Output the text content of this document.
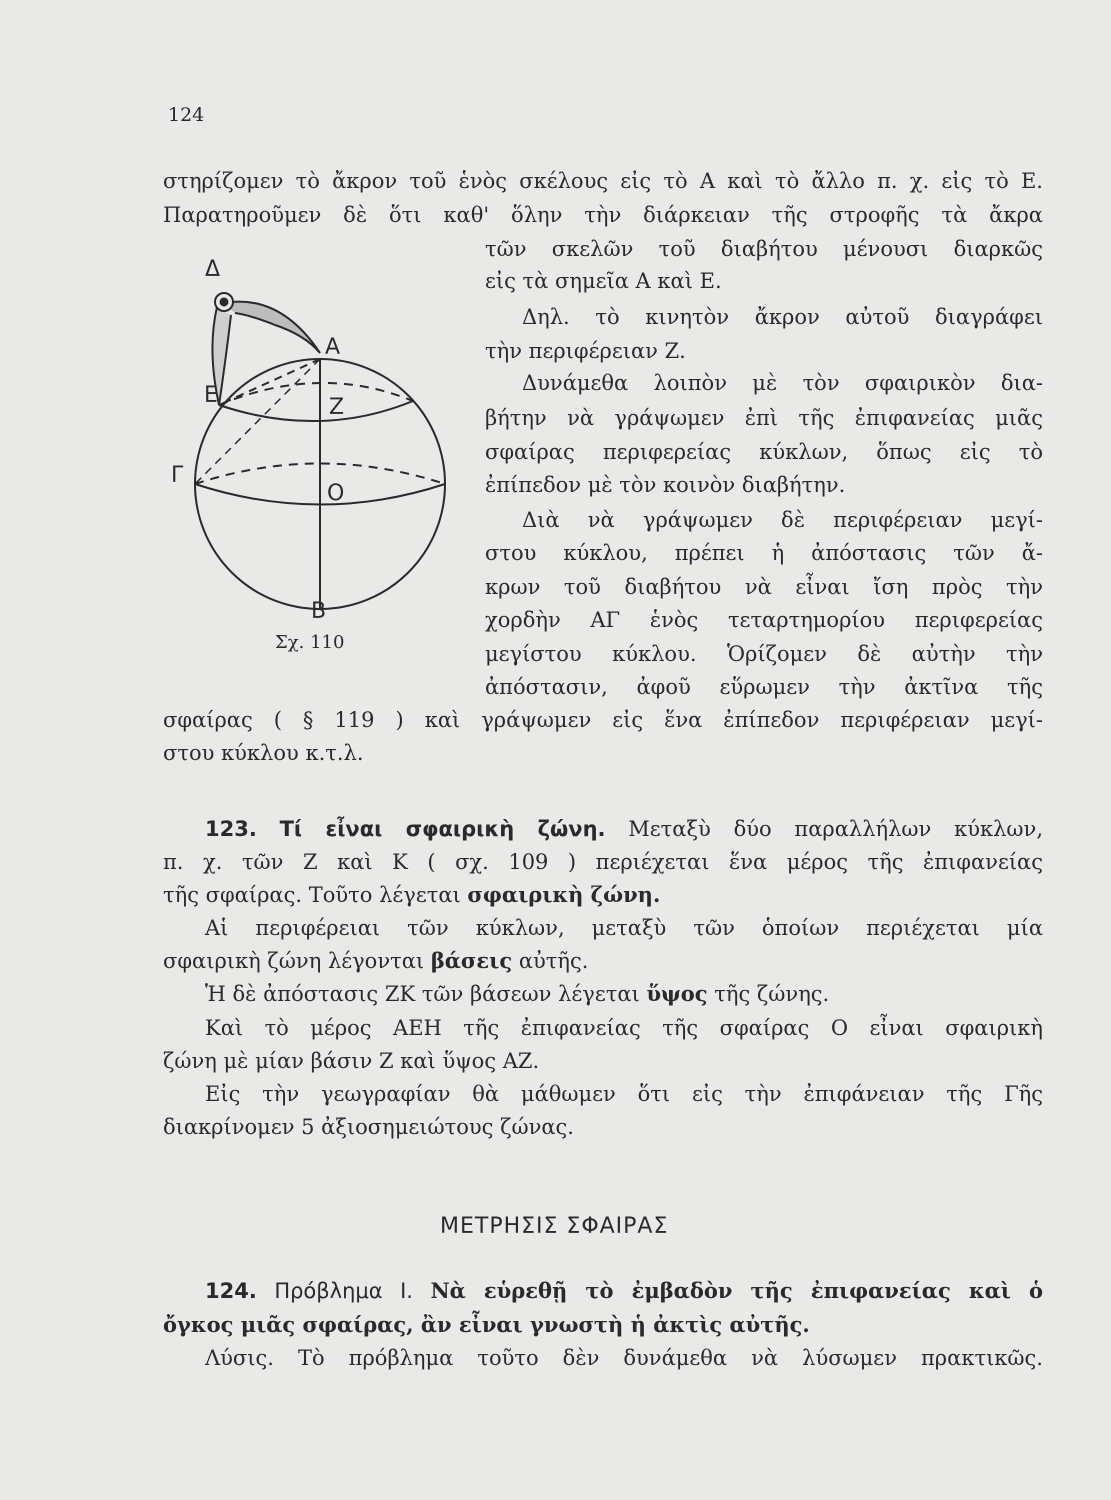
124
Δ
Α
Ε	Ζ
Γ
Ο
Β
Σχ. 110
στηρίζομεν τὸ ἄκρον τοῦ ἑνὸς σκέλους εἰς τὸ Α καὶ τὸ ἄλλο π. χ. εἰς τὸ Ε.
Παρατηροῦμεν δὲ ὅτι καθ' ὅλην τὴν διάρκειαν τῆς στροφῆς τὰ ἄκρα
τῶν σκελῶν τοῦ διαβήτου μένουσι διαρκῶς
εἰς τὰ σημεῖα Α καὶ Ε.
Δηλ. τὸ κινητὸν ἄκρον αὐτοῦ διαγράφει
τὴν περιφέρειαν Ζ.
Δυνάμεθα λοιπὸν μὲ τὸν σφαιρικὸν δια-
βήτην νὰ γράψωμεν ἐπὶ τῆς ἐπιφανείας μιᾶς
σφαίρας περιφερείας κύκλων, ὅπως εἰς τὸ
ἐπίπεδον μὲ τὸν κοινὸν διαβήτην.
Διὰ νὰ γράψωμεν δὲ περιφέρειαν μεγί-
στου κύκλου, πρέπει ἡ ἀπόστασις τῶν ἄ-
κρων τοῦ διαβήτου νὰ εἶναι ἴση πρὸς τὴν
χορδὴν ΑΓ ἑνὸς τεταρτημορίου περιφερείας
μεγίστου κύκλου. Ὁρίζομεν δὲ αὐτὴν τὴν
ἀπόστασιν, ἀφοῦ εὕρωμεν τὴν ἀκτῖνα τῆς
σφαίρας ( § 119 ) καὶ γράψωμεν εἰς ἕνα ἐπίπεδον περιφέρειαν μεγί-
στου κύκλου κ.τ.λ.
123. Τί εἶναι σφαιρικὴ ζώνη. Μεταξὺ δύο παραλλήλων κύκλων,
π. χ. τῶν Ζ καὶ Κ ( σχ. 109 ) περιέχεται ἕνα μέρος τῆς ἐπιφανείας
τῆς σφαίρας. Τοῦτο λέγεται σφαιρικὴ ζώνη.
Αἱ περιφέρειαι τῶν κύκλων, μεταξὺ τῶν ὁποίων περιέχεται μία
σφαιρικὴ ζώνη λέγονται βάσεις αὐτῆς.
Ἡ δὲ ἀπόστασις ΖΚ τῶν βάσεων λέγεται ὕψος τῆς ζώνης.
Καὶ τὸ μέρος ΑΕΗ τῆς ἐπιφανείας τῆς σφαίρας Ο εἶναι σφαιρικὴ
ζώνη μὲ μίαν βάσιν Ζ καὶ ὕψος ΑΖ.
Εἰς τὴν γεωγραφίαν θὰ μάθωμεν ὅτι εἰς τὴν ἐπιφάνειαν τῆς Γῆς
διακρίνομεν 5 ἀξιοσημειώτους ζώνας.
ΜΕΤΡΗΣΙΣ ΣΦΑΙΡΑΣ
124. Πρόβλημα Ι. Νὰ εὑρεθῇ τὸ ἐμβαδὸν τῆς ἐπιφανείας καὶ ὁ
ὄγκος μιᾶς σφαίρας, ἂν εἶναι γνωστὴ ἡ ἀκτὶς αὐτῆς.
Λύσις. Τὸ πρόβλημα τοῦτο δὲν δυνάμεθα νὰ λύσωμεν πρακτικῶς.
